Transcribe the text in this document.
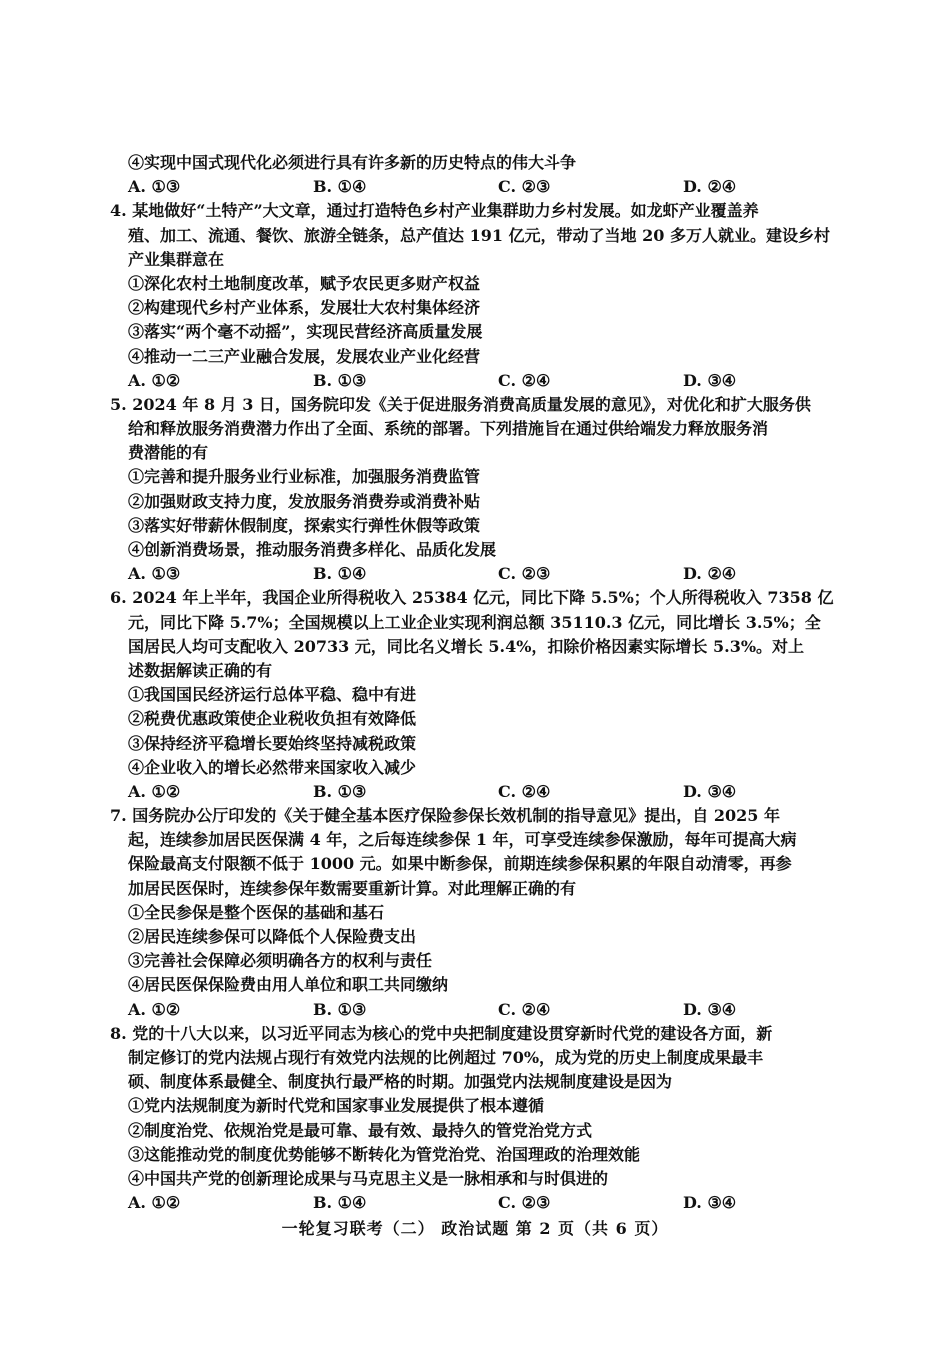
④实现中国式现代化必须进行具有许多新的历史特点的伟大斗争
A. ①③	B. ①④	C. ②③	D. ②④
4. 某地做好“土特产”大文章，通过打造特色乡村产业集群助力乡村发展。如龙虾产业覆盖养
殖、加工、流通、餐饮、旅游全链条，总产值达 191 亿元，带动了当地 20 多万人就业。建设乡村
产业集群意在
①深化农村土地制度改革，赋予农民更多财产权益
②构建现代乡村产业体系，发展壮大农村集体经济
③落实“两个毫不动摇”，实现民营经济高质量发展
④推动一二三产业融合发展，发展农业产业化经营
A. ①②	B. ①③	C. ②④	D. ③④
5. 2024 年 8 月 3 日，国务院印发《关于促进服务消费高质量发展的意见》，对优化和扩大服务供
给和释放服务消费潜力作出了全面、系统的部署。下列措施旨在通过供给端发力释放服务消
费潜能的有
①完善和提升服务业行业标准，加强服务消费监管
②加强财政支持力度，发放服务消费券或消费补贴
③落实好带薪休假制度，探索实行弹性休假等政策
④创新消费场景，推动服务消费多样化、品质化发展
A. ①③	B. ①④	C. ②③	D. ②④
6. 2024 年上半年，我国企业所得税收入 25384 亿元，同比下降 5.5%；个人所得税收入 7358 亿
元，同比下降 5.7%；全国规模以上工业企业实现利润总额 35110.3 亿元，同比增长 3.5%；全
国居民人均可支配收入 20733 元，同比名义增长 5.4%，扣除价格因素实际增长 5.3%。对上
述数据解读正确的有
①我国国民经济运行总体平稳、稳中有进
②税费优惠政策使企业税收负担有效降低
③保持经济平稳增长要始终坚持减税政策
④企业收入的增长必然带来国家收入减少
A. ①②	B. ①③	C. ②④	D. ③④
7. 国务院办公厅印发的《关于健全基本医疗保险参保长效机制的指导意见》提出，自 2025 年
起，连续参加居民医保满 4 年，之后每连续参保 1 年，可享受连续参保激励，每年可提高大病
保险最高支付限额不低于 1000 元。如果中断参保，前期连续参保积累的年限自动清零，再参
加居民医保时，连续参保年数需要重新计算。对此理解正确的有
①全民参保是整个医保的基础和基石
②居民连续参保可以降低个人保险费支出
③完善社会保障必须明确各方的权利与责任
④居民医保保险费由用人单位和职工共同缴纳
A. ①②	B. ①③	C. ②④	D. ③④
8. 党的十八大以来，以习近平同志为核心的党中央把制度建设贯穿新时代党的建设各方面，新
制定修订的党内法规占现行有效党内法规的比例超过 70%，成为党的历史上制度成果最丰
硕、制度体系最健全、制度执行最严格的时期。加强党内法规制度建设是因为
①党内法规制度为新时代党和国家事业发展提供了根本遵循
②制度治党、依规治党是最可靠、最有效、最持久的管党治党方式
③这能推动党的制度优势能够不断转化为管党治党、治国理政的治理效能
④中国共产党的创新理论成果与马克思主义是一脉相承和与时俱进的
A. ①②	B. ①④	C. ②③	D. ③④
一轮复习联考（二） 政治试题 第 2 页（共 6 页）
